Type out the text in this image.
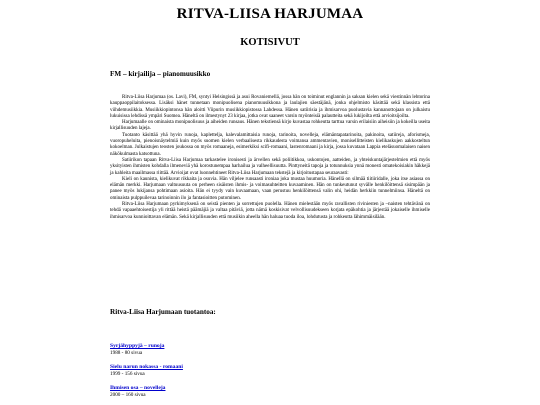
RITVA-LIISA HARJUMAA
KOTISIVUT
FM – kirjailija – pianomuusikko

Ritva-Liisa Harjumaa (os. Lavi), FM, syntyi Helsingissä ja asui Rovaniemellä, jossa hän on toiminut englannin ja saksan kielen sekä viestinnän lehtorina kauppaoppilaitoksessa. Lisäksi hänet tunnetaan monipuolisena pianomuusikkona ja laulajien säestäjänä, jonka ohjelmisto käsittää sekä klassista että viihdemusiikkia. Musiikkiopintonsa hän aloitti Viipurin musiikkiopistossa Lahdessa. Hänen satiirisia ja ihmisarvoa puolustavia kannanottojaan on julkaistu lukuisissa lehdissä ympäri Suomea. Häneltä on ilmestynyt 23 kirjaa, jotka ovat saaneet varsin myönteisiä palautteita sekä lukijoilta että arvioitsijoilta.

Harjumaalle on ominaista monipuolisuus ja aiheiden runsaus. Hänen tekstiensä kirjo kuvastaa rohkeutta tarttua varsin erilaisiin aiheisiin ja kokeilla useita kirjallisuuden lajeja.

Tuotanto käsittää yhä hyvin runoja, kaplettelja, kalevalamittaisia runoja, tarinoita, novelleja, elämäntapatarinoita, pakinoita, satiireja, aforismeja, vuoropuheluita, pienoisnäytelmiä kuin myös suomen kielen verbaalisesta rikkaudesta voimansa ammentavien, monisellitteisten kielikaskujen aakkosteltun kokoelman. Julkaistujen teosten joukossa on myös romaaneja, esimerkiksi scifi-romaani, lastenromaani ja kirja, jossa kuvataan Lappia eteläsuomalaisen naisen näkökulmasta katsottuna.

Satiirikon tapaan Ritva-Liisa Harjumaa tarkastelee ironisesti ja ärvellen sekä poliitikkoa, uskontojen, aatteiden, ja yhteiskuntajärjestelmien että myös yksityisten ihmisten kohdalla ilmeneviä yhä korostunempaa harhailua ja valheellisuutta. Pinttyneitä tapoja ja totunnuksia ynnä monesti omatekoisiakin häkkejä ja kahleita maailmassa riittää. Arvioijat ovat luonnehtineet Ritva-Liisa Harjumaan tekstejä ja kirjoitustapaa seuraavasti:

Kieli on kaunista, kielikuvat rikkaita ja osuvia. Hän viljelee runsaasti ironiaa joka mustaa huumoria. Hänellä on silmää tiitiiridalle, joka itse asiassa on elämän merkki. Harjumaan valtuusuuta on perheen sisäisten ihmis- ja voimasuhteitten kuvaaminen. Hän on tunkeutunut syvälle henkilöittensä sisimpään ja panee myös lukijansa pohtimaan asioita. Hän ei tyydy vain kuvaamaan, vaan perustuu henkilöittensä valin ohi, heidän herkkiin tunnelmiinsa. Häneltä on ominaista pulppuilevaa tarinoinnin ilo ja fantasioitten putominen.

Ritva-Liisa Harjumaan pyrkimyksenä on seistä pienten ja sorrettujen puolella. Hänen mielestään myös ravallisten riviniesten ja –naisten tehtävänä on tehdä vapaaehtoisestija yli rittää heistä päämäjiä ja valtaa pitäviä, jotta nämä koskisivat velvollisuudekseen korjata epäkohtia ja järjestää jokaiselle ihmiselle ihmisarvoa kunnioittavan elämän. Sekä kirjallisuuden että musiikin aheella hän haluaa tuoda iloa, lohdutusta ja rohkeutta lähimmäisilään.

Ritva-Liisa Harjumaan tuotantoa:
Syrjähyppyjä – runoja
1988 - 80 sivua
Sielu narun nokassa - romaani
1999 - 156 sivua
Ihmisen osa – novelleja
2000 – 160 sivua
